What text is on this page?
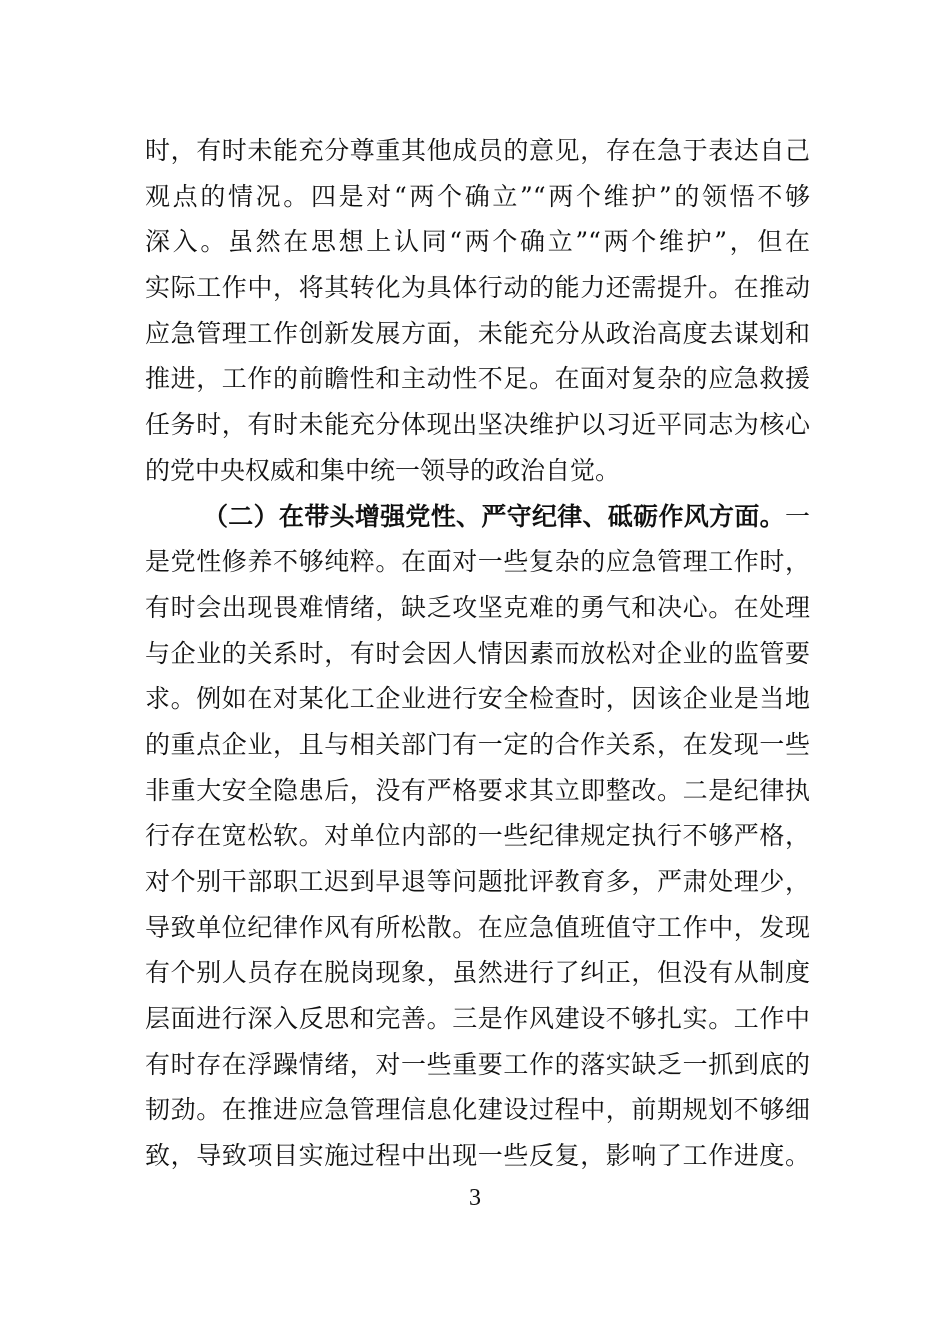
时，有时未能充分尊重其他成员的意见，存在急于表达自己
观点的情况。四是对“两个确立”“两个维护”的领悟不够
深入。虽然在思想上认同“两个确立”“两个维护”，但在
实际工作中，将其转化为具体行动的能力还需提升。在推动
应急管理工作创新发展方面，未能充分从政治高度去谋划和
推进，工作的前瞻性和主动性不足。在面对复杂的应急救援
任务时，有时未能充分体现出坚决维护以习近平同志为核心
的党中央权威和集中统一领导的政治自觉。
（二）在带头增强党性、严守纪律、砥砺作风方面。一
是党性修养不够纯粹。在面对一些复杂的应急管理工作时，
有时会出现畏难情绪，缺乏攻坚克难的勇气和决心。在处理
与企业的关系时，有时会因人情因素而放松对企业的监管要
求。例如在对某化工企业进行安全检查时，因该企业是当地
的重点企业，且与相关部门有一定的合作关系，在发现一些
非重大安全隐患后，没有严格要求其立即整改。二是纪律执
行存在宽松软。对单位内部的一些纪律规定执行不够严格，
对个别干部职工迟到早退等问题批评教育多，严肃处理少，
导致单位纪律作风有所松散。在应急值班值守工作中，发现
有个别人员存在脱岗现象，虽然进行了纠正，但没有从制度
层面进行深入反思和完善。三是作风建设不够扎实。工作中
有时存在浮躁情绪，对一些重要工作的落实缺乏一抓到底的
韧劲。在推进应急管理信息化建设过程中，前期规划不够细
致，导致项目实施过程中出现一些反复，影响了工作进度。
3
